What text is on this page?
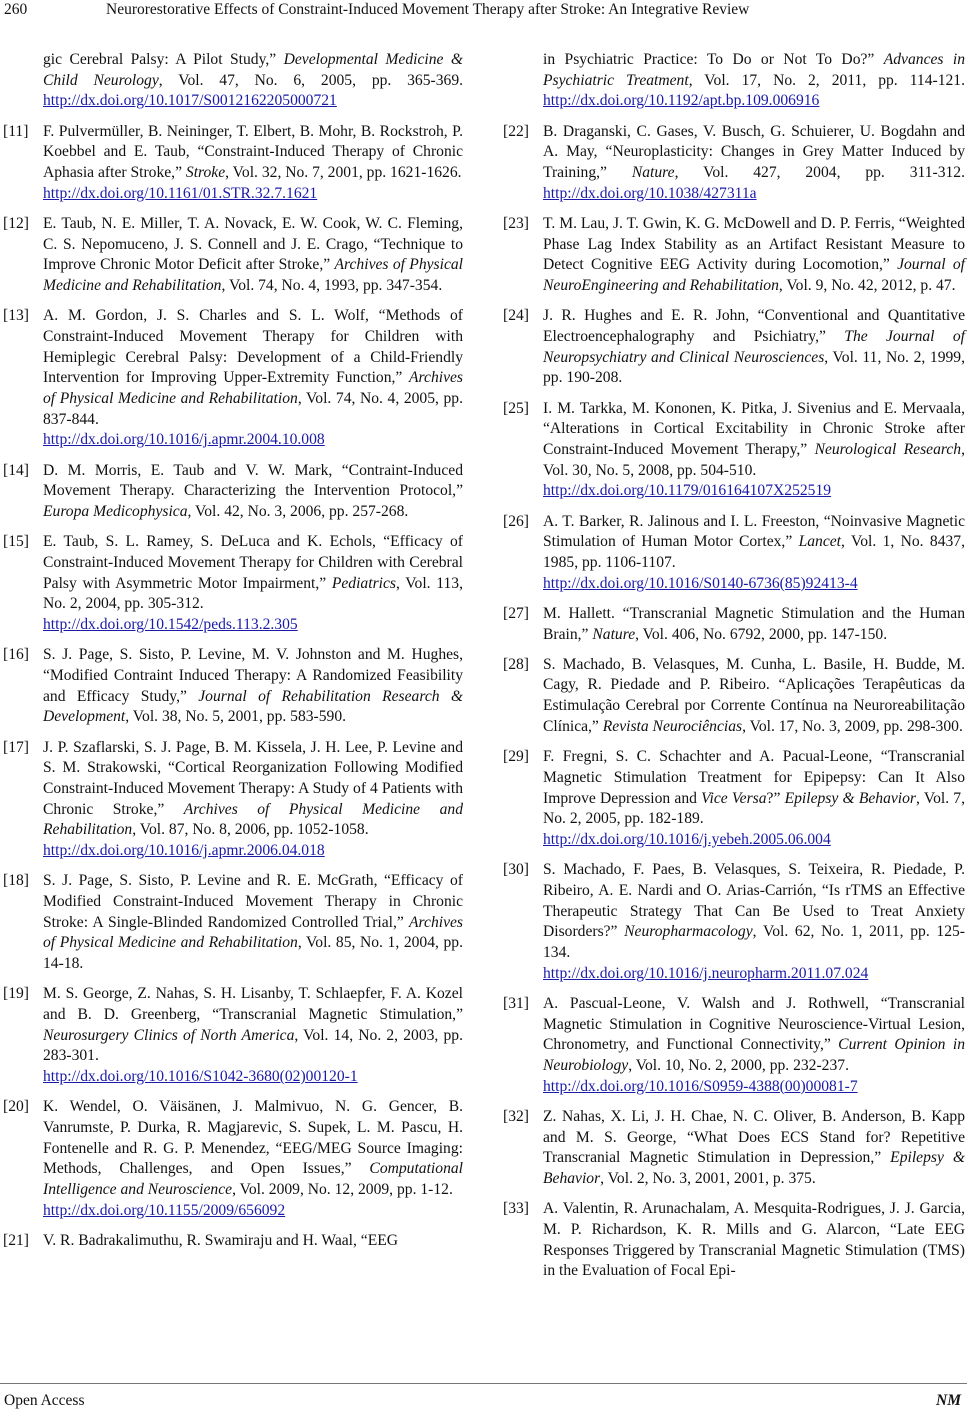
260	Neurorestorative Effects of Constraint-Induced Movement Therapy after Stroke: An Integrative Review

gic Cerebral Palsy: A Pilot Study,” Developmental Medicine & Child Neurology, Vol. 47, No. 6, 2005, pp. 365-369. http://dx.doi.org/10.1017/S0012162205000721

[11] F. Pulvermüller, B. Neininger, T. Elbert, B. Mohr, B. Rockstroh, P. Koebbel and E. Taub, “Constraint-Induced Therapy of Chronic Aphasia after Stroke,” Stroke, Vol. 32, No. 7, 2001, pp. 1621-1626.
http://dx.doi.org/10.1161/01.STR.32.7.1621

[12] E. Taub, N. E. Miller, T. A. Novack, E. W. Cook, W. C. Fleming, C. S. Nepomuceno, J. S. Connell and J. E. Crago, “Technique to Improve Chronic Motor Deficit after Stroke,” Archives of Physical Medicine and Rehabilitation, Vol. 74, No. 4, 1993, pp. 347-354.

[13] A. M. Gordon, J. S. Charles and S. L. Wolf, “Methods of Constraint-Induced Movement Therapy for Children with Hemiplegic Cerebral Palsy: Development of a Child-Friendly Intervention for Improving Upper-Extremity Function,” Archives of Physical Medicine and Rehabilitation, Vol. 74, No. 4, 2005, pp. 837-844.
http://dx.doi.org/10.1016/j.apmr.2004.10.008

[14] D. M. Morris, E. Taub and V. W. Mark, “Contraint-Induced Movement Therapy. Characterizing the Intervention Protocol,” Europa Medicophysica, Vol. 42, No. 3, 2006, pp. 257-268.

[15] E. Taub, S. L. Ramey, S. DeLuca and K. Echols, “Efficacy of Constraint-Induced Movement Therapy for Children with Cerebral Palsy with Asymmetric Motor Impairment,” Pediatrics, Vol. 113, No. 2, 2004, pp. 305-312.
http://dx.doi.org/10.1542/peds.113.2.305

[16] S. J. Page, S. Sisto, P. Levine, M. V. Johnston and M. Hughes, “Modified Contraint Induced Therapy: A Randomized Feasibility and Efficacy Study,” Journal of Rehabilitation Research & Development, Vol. 38, No. 5, 2001, pp. 583-590.

[17] J. P. Szaflarski, S. J. Page, B. M. Kissela, J. H. Lee, P. Levine and S. M. Strakowski, “Cortical Reorganization Following Modified Constraint-Induced Movement Therapy: A Study of 4 Patients with Chronic Stroke,” Archives of Physical Medicine and Rehabilitation, Vol. 87, No. 8, 2006, pp. 1052-1058.
http://dx.doi.org/10.1016/j.apmr.2006.04.018

[18] S. J. Page, S. Sisto, P. Levine and R. E. McGrath, “Efficacy of Modified Constraint-Induced Movement Therapy in Chronic Stroke: A Single-Blinded Randomized Controlled Trial,” Archives of Physical Medicine and Rehabilitation, Vol. 85, No. 1, 2004, pp. 14-18.

[19] M. S. George, Z. Nahas, S. H. Lisanby, T. Schlaepfer, F. A. Kozel and B. D. Greenberg, “Transcranial Magnetic Stimulation,” Neurosurgery Clinics of North America, Vol. 14, No. 2, 2003, pp. 283-301.
http://dx.doi.org/10.1016/S1042-3680(02)00120-1

[20] K. Wendel, O. Väisänen, J. Malmivuo, N. G. Gencer, B. Vanrumste, P. Durka, R. Magjarevic, S. Supek, L. M. Pascu, H. Fontenelle and R. G. P. Menendez, “EEG/MEG Source Imaging: Methods, Challenges, and Open Issues,” Computational Intelligence and Neuroscience, Vol. 2009, No. 12, 2009, pp. 1-12.
http://dx.doi.org/10.1155/2009/656092

[21] V. R. Badrakalimuthu, R. Swamiraju and H. Waal, “EEG

in Psychiatric Practice: To Do or Not To Do?” Advances in Psychiatric Treatment, Vol. 17, No. 2, 2011, pp. 114-121. http://dx.doi.org/10.1192/apt.bp.109.006916

[22] B. Draganski, C. Gases, V. Busch, G. Schuierer, U. Bogdahn and A. May, “Neuroplasticity: Changes in Grey Matter Induced by Training,” Nature, Vol. 427, 2004, pp. 311-312. http://dx.doi.org/10.1038/427311a

[23] T. M. Lau, J. T. Gwin, K. G. McDowell and D. P. Ferris, “Weighted Phase Lag Index Stability as an Artifact Resistant Measure to Detect Cognitive EEG Activity during Locomotion,” Journal of NeuroEngineering and Rehabilitation, Vol. 9, No. 42, 2012, p. 47.

[24] J. R. Hughes and E. R. John, “Conventional and Quantitative Electroencephalography and Psichiatry,” The Journal of Neuropsychiatry and Clinical Neurosciences, Vol. 11, No. 2, 1999, pp. 190-208.

[25] I. M. Tarkka, M. Kononen, K. Pitka, J. Sivenius and E. Mervaala, “Alterations in Cortical Excitability in Chronic Stroke after Constraint-Induced Movement Therapy,” Neurological Research, Vol. 30, No. 5, 2008, pp. 504-510.
http://dx.doi.org/10.1179/016164107X252519

[26] A. T. Barker, R. Jalinous and I. L. Freeston, “Noinvasive Magnetic Stimulation of Human Motor Cortex,” Lancet, Vol. 1, No. 8437, 1985, pp. 1106-1107.
http://dx.doi.org/10.1016/S0140-6736(85)92413-4

[27] M. Hallett. “Transcranial Magnetic Stimulation and the Human Brain,” Nature, Vol. 406, No. 6792, 2000, pp. 147-150.

[28] S. Machado, B. Velasques, M. Cunha, L. Basile, H. Budde, M. Cagy, R. Piedade and P. Ribeiro. “Aplicações Terapêuticas da Estimulação Cerebral por Corrente Contínua na Neuroreabilitação Clínica,” Revista Neurociências, Vol. 17, No. 3, 2009, pp. 298-300.

[29] F. Fregni, S. C. Schachter and A. Pacual-Leone, “Transcranial Magnetic Stimulation Treatment for Epipepsy: Can It Also Improve Depression and Vice Versa?” Epilepsy & Behavior, Vol. 7, No. 2, 2005, pp. 182-189.
http://dx.doi.org/10.1016/j.yebeh.2005.06.004

[30] S. Machado, F. Paes, B. Velasques, S. Teixeira, R. Piedade, P. Ribeiro, A. E. Nardi and O. Arias-Carrión, “Is rTMS an Effective Therapeutic Strategy That Can Be Used to Treat Anxiety Disorders?” Neuropharmacology, Vol. 62, No. 1, 2011, pp. 125-134.
http://dx.doi.org/10.1016/j.neuropharm.2011.07.024

[31] A. Pascual-Leone, V. Walsh and J. Rothwell, “Transcranial Magnetic Stimulation in Cognitive Neuroscience-Virtual Lesion, Chronometry, and Functional Connectivity,” Current Opinion in Neurobiology, Vol. 10, No. 2, 2000, pp. 232-237.
http://dx.doi.org/10.1016/S0959-4388(00)00081-7

[32] Z. Nahas, X. Li, J. H. Chae, N. C. Oliver, B. Anderson, B. Kapp and M. S. George, “What Does ECS Stand for? Repetitive Transcranial Magnetic Stimulation in Depression,” Epilepsy & Behavior, Vol. 2, No. 3, 2001, 2001, p. 375.

[33] A. Valentin, R. Arunachalam, A. Mesquita-Rodrigues, J. J. Garcia, M. P. Richardson, K. R. Mills and G. Alarcon, “Late EEG Responses Triggered by Transcranial Magnetic Stimulation (TMS) in the Evaluation of Focal Epi-

Open Access	NM
